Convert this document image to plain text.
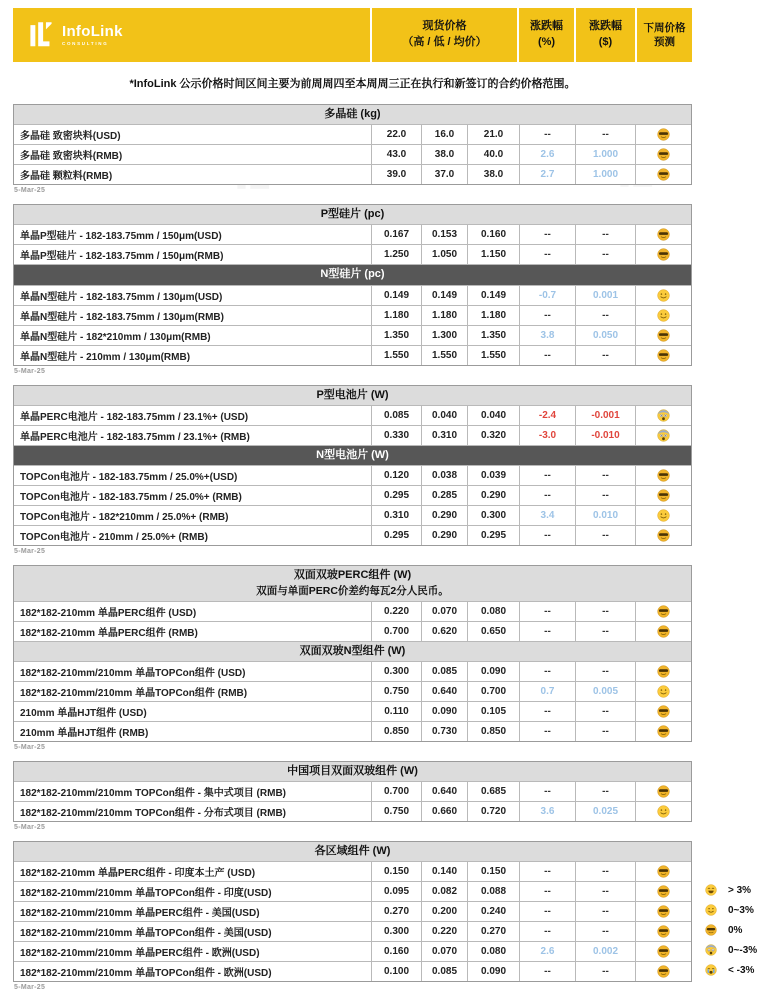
InfoLink
CONSULTING
现货价格
（高 / 低 / 均价）
涨跌幅
(%)
涨跌幅
($)
下周价格
预测
*InfoLink 公示价格时间区间主要为前周周四至本周周三正在执行和新签订的合约价格范围。
多晶硅 (kg)
多晶硅 致密块料(USD)	22.0	16.0	21.0	--	--
多晶硅 致密块料(RMB)	43.0	38.0	40.0	2.6	1.000
多晶硅 颗粒料(RMB)	39.0	37.0	38.0	2.7	1.000
5-Mar-25
P型硅片 (pc)
单晶P型硅片 - 182-183.75mm / 150μm(USD)	0.167	0.153	0.160	--	--
单晶P型硅片 - 182-183.75mm / 150μm(RMB)	1.250	1.050	1.150	--	--
N型硅片 (pc)
单晶N型硅片 - 182-183.75mm / 130μm(USD)	0.149	0.149	0.149	-0.7	0.001
单晶N型硅片 - 182-183.75mm / 130μm(RMB)	1.180	1.180	1.180	--	--
单晶N型硅片 - 182*210mm / 130μm(RMB)	1.350	1.300	1.350	3.8	0.050
单晶N型硅片 - 210mm / 130μm(RMB)	1.550	1.550	1.550	--	--
5-Mar-25
P型电池片 (W)
单晶PERC电池片 - 182-183.75mm / 23.1%+ (USD)	0.085	0.040	0.040	-2.4	-0.001
单晶PERC电池片 - 182-183.75mm / 23.1%+ (RMB)	0.330	0.310	0.320	-3.0	-0.010
N型电池片 (W)
TOPCon电池片 - 182-183.75mm / 25.0%+(USD)	0.120	0.038	0.039	--	--
TOPCon电池片 - 182-183.75mm / 25.0%+ (RMB)	0.295	0.285	0.290	--	--
TOPCon电池片 - 182*210mm / 25.0%+ (RMB)	0.310	0.290	0.300	3.4	0.010
TOPCon电池片 - 210mm / 25.0%+ (RMB)	0.295	0.290	0.295	--	--
5-Mar-25
双面双玻PERC组件 (W)
双面与单面PERC价差约每瓦2分人民币。
182*182-210mm 单晶PERC组件 (USD)	0.220	0.070	0.080	--	--
182*182-210mm 单晶PERC组件 (RMB)	0.700	0.620	0.650	--	--
双面双玻N型组件 (W)
182*182-210mm/210mm 单晶TOPCon组件 (USD)	0.300	0.085	0.090	--	--
182*182-210mm/210mm 单晶TOPCon组件 (RMB)	0.750	0.640	0.700	0.7	0.005
210mm 单晶HJT组件 (USD)	0.110	0.090	0.105	--	--
210mm 单晶HJT组件 (RMB)	0.850	0.730	0.850	--	--
5-Mar-25
中国项目双面双玻组件 (W)
182*182-210mm/210mm TOPCon组件 - 集中式项目 (RMB)	0.700	0.640	0.685	--	--
182*182-210mm/210mm TOPCon组件 - 分布式项目 (RMB)	0.750	0.660	0.720	3.6	0.025
5-Mar-25
各区域组件 (W)
182*182-210mm 单晶PERC组件 - 印度本土产 (USD)	0.150	0.140	0.150	--	--
182*182-210mm/210mm 单晶TOPCon组件 - 印度(USD)	0.095	0.082	0.088	--	--
182*182-210mm/210mm 单晶PERC组件 - 美国(USD)	0.270	0.200	0.240	--	--
182*182-210mm/210mm 单晶TOPCon组件 - 美国(USD)	0.300	0.220	0.270	--	--
182*182-210mm/210mm 单晶PERC组件 - 欧洲(USD)	0.160	0.070	0.080	2.6	0.002
182*182-210mm/210mm 单晶TOPCon组件 - 欧洲(USD)	0.100	0.085	0.090	--	--
5-Mar-25
> 3%
0~3%
0%
0~-3%
< -3%
